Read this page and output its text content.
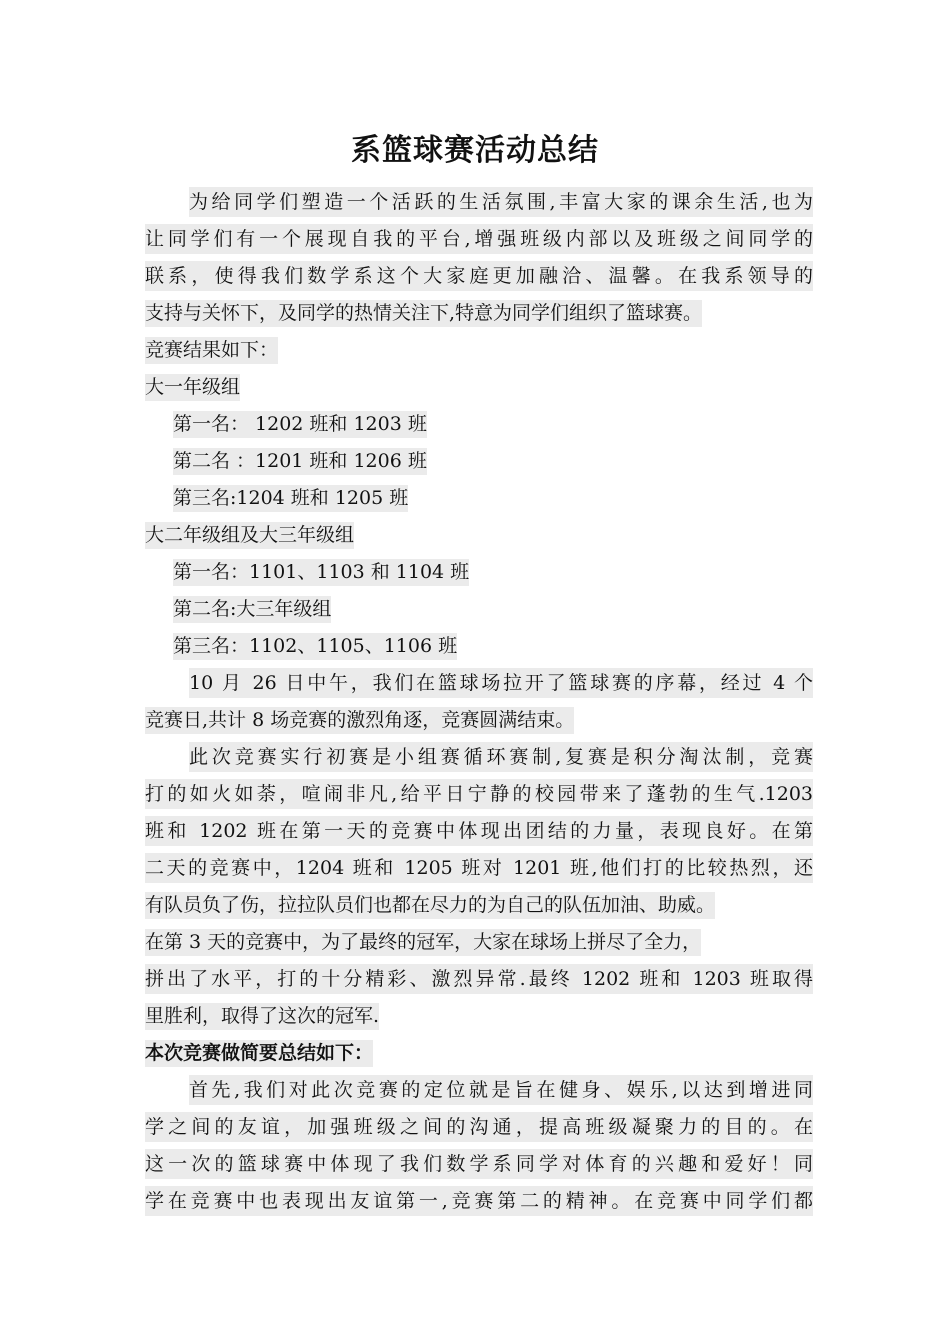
系篮球赛活动总结
为给同学们塑造一个活跃的生活氛围,丰富大家的课余生活,也为
让同学们有一个展现自我的平台,增强班级内部以及班级之间同学的
联系，使得我们数学系这个大家庭更加融洽、温馨。在我系领导的
支持与关怀下，及同学的热情关注下,特意为同学们组织了篮球赛。
竞赛结果如下：
大一年级组
第一名： 1202 班和 1203 班
第二名 ：1201 班和 1206 班
第三名:1204 班和 1205 班
大二年级组及大三年级组
第一名：1101、1103 和 1104 班
第二名:大三年级组
第三名：1102、1105、1106 班
10 月 26 日中午，我们在篮球场拉开了篮球赛的序幕，经过 4 个
竞赛日,共计 8 场竞赛的激烈角逐，竞赛圆满结束。
此次竞赛实行初赛是小组赛循环赛制,复赛是积分淘汰制，竞赛
打的如火如荼，喧闹非凡,给平日宁静的校园带来了蓬勃的生气.1203
班和 1202 班在第一天的竞赛中体现出团结的力量，表现良好。在第
二天的竞赛中，1204 班和 1205 班对 1201 班,他们打的比较热烈，还
有队员负了伤，拉拉队员们也都在尽力的为自己的队伍加油、助威。
在第 3 天的竞赛中，为了最终的冠军，大家在球场上拼尽了全力，
拼出了水平，打的十分精彩、激烈异常.最终 1202 班和 1203 班取得
里胜利，取得了这次的冠军.
本次竞赛做简要总结如下：
首先,我们对此次竞赛的定位就是旨在健身、娱乐,以达到增进同
学之间的友谊，加强班级之间的沟通，提高班级凝聚力的目的。在
这一次的篮球赛中体现了我们数学系同学对体育的兴趣和爱好！同
学在竞赛中也表现出友谊第一,竞赛第二的精神。在竞赛中同学们都
